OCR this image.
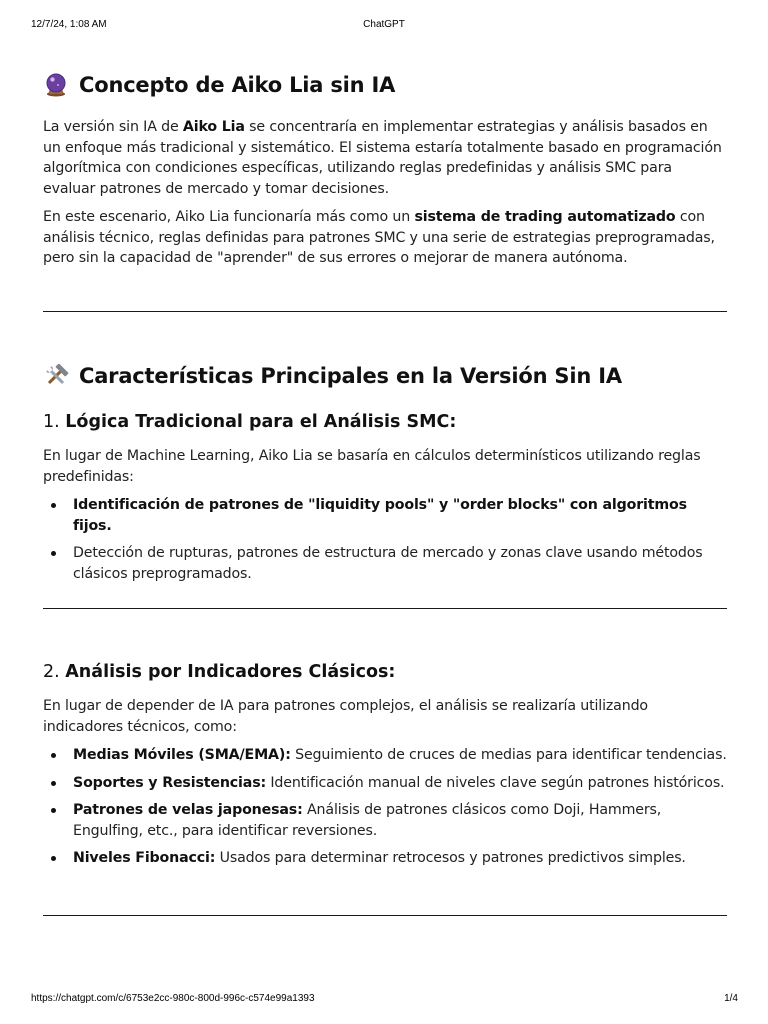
12/7/24, 1:08 AM	ChatGPT
Concepto de Aiko Lia sin IA

La versión sin IA de Aiko Lia se concentraría en implementar estrategias y análisis basados en un enfoque más tradicional y sistemático. El sistema estaría totalmente basado en programación algorítmica con condiciones específicas, utilizando reglas predefinidas y análisis SMC para evaluar patrones de mercado y tomar decisiones.

En este escenario, Aiko Lia funcionaría más como un sistema de trading automatizado con análisis técnico, reglas definidas para patrones SMC y una serie de estrategias preprogramadas, pero sin la capacidad de "aprender" de sus errores o mejorar de manera autónoma.

Características Principales en la Versión Sin IA
1. Lógica Tradicional para el Análisis SMC:

En lugar de Machine Learning, Aiko Lia se basaría en cálculos determinísticos utilizando reglas predefinidas:

Identificación de patrones de "liquidity pools" y "order blocks" con algoritmos fijos.
Detección de rupturas, patrones de estructura de mercado y zonas clave usando métodos clásicos preprogramados.
2. Análisis por Indicadores Clásicos:

En lugar de depender de IA para patrones complejos, el análisis se realizaría utilizando indicadores técnicos, como:

Medias Móviles (SMA/EMA): Seguimiento de cruces de medias para identificar tendencias.
Soportes y Resistencias: Identificación manual de niveles clave según patrones históricos.
Patrones de velas japonesas: Análisis de patrones clásicos como Doji, Hammers, Engulfing, etc., para identificar reversiones.
Niveles Fibonacci: Usados para determinar retrocesos y patrones predictivos simples.
https://chatgpt.com/c/6753e2cc-980c-800d-996c-c574e99a1393	1/4
